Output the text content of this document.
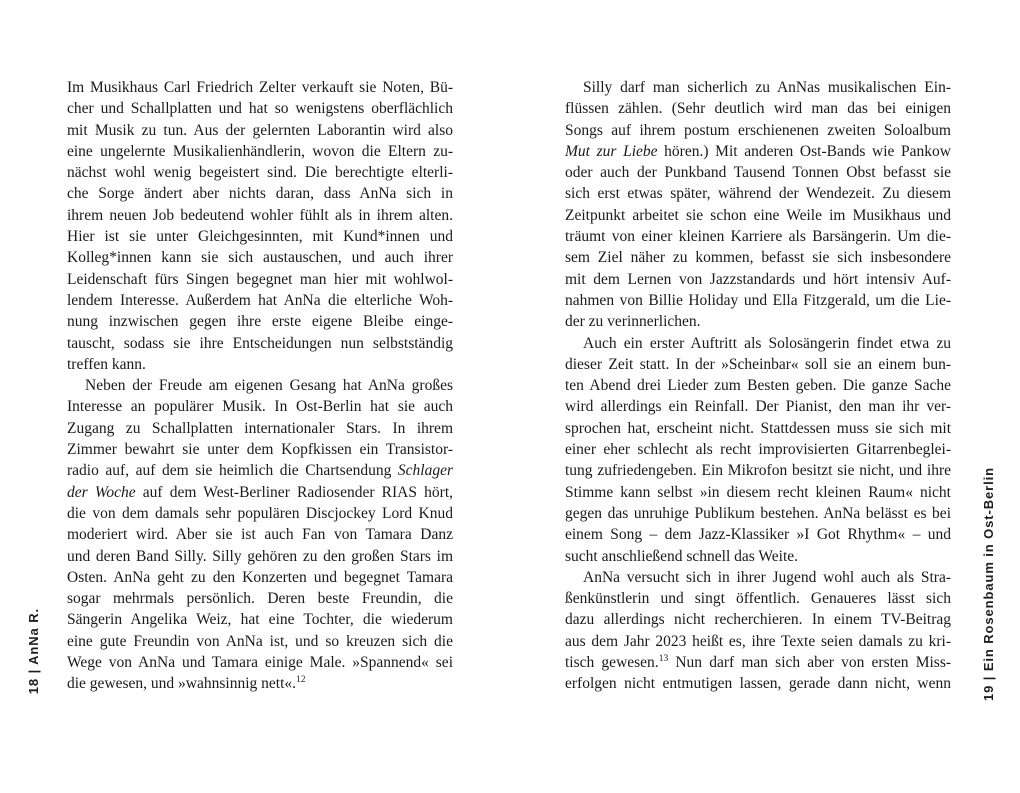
Im Musikhaus Carl Friedrich Zelter verkauft sie Noten, Bü-
cher und Schallplatten und hat so wenigstens oberflächlich
mit Musik zu tun. Aus der gelernten Laborantin wird also
eine ungelernte Musikalienhändlerin, wovon die Eltern zu-
nächst wohl wenig begeistert sind. Die berechtigte elterli-
che Sorge ändert aber nichts daran, dass AnNa sich in
ihrem neuen Job bedeutend wohler fühlt als in ihrem alten.
Hier ist sie unter Gleichgesinnten, mit Kund*innen und
Kolleg*innen kann sie sich austauschen, und auch ihrer
Leidenschaft fürs Singen begegnet man hier mit wohlwol-
lendem Interesse. Außerdem hat AnNa die elterliche Woh-
nung inzwischen gegen ihre erste eigene Bleibe einge-
tauscht, sodass sie ihre Entscheidungen nun selbstständig
treffen kann.
Neben der Freude am eigenen Gesang hat AnNa großes
Interesse an populärer Musik. In Ost-Berlin hat sie auch
Zugang zu Schallplatten internationaler Stars. In ihrem
Zimmer bewahrt sie unter dem Kopfkissen ein Transistor-
radio auf, auf dem sie heimlich die Chartsendung Schlager
der Woche auf dem West-Berliner Radiosender RIAS hört,
die von dem damals sehr populären Discjockey Lord Knud
moderiert wird. Aber sie ist auch Fan von Tamara Danz
und deren Band Silly. Silly gehören zu den großen Stars im
Osten. AnNa geht zu den Konzerten und begegnet Tamara
sogar mehrmals persönlich. Deren beste Freundin, die
Sängerin Angelika Weiz, hat eine Tochter, die wiederum
eine gute Freundin von AnNa ist, und so kreuzen sich die
Wege von AnNa und Tamara einige Male. »Spannend« sei
die gewesen, und »wahnsinnig nett«.$^{12}$
Silly darf man sicherlich zu AnNas musikalischen Ein-
flüssen zählen. (Sehr deutlich wird man das bei einigen
Songs auf ihrem postum erschienenen zweiten Soloalbum
Mut zur Liebe hören.) Mit anderen Ost-Bands wie Pankow
oder auch der Punkband Tausend Tonnen Obst befasst sie
sich erst etwas später, während der Wendezeit. Zu diesem
Zeitpunkt arbeitet sie schon eine Weile im Musikhaus und
träumt von einer kleinen Karriere als Barsängerin. Um die-
sem Ziel näher zu kommen, befasst sie sich insbesondere
mit dem Lernen von Jazzstandards und hört intensiv Auf-
nahmen von Billie Holiday und Ella Fitzgerald, um die Lie-
der zu verinnerlichen.
Auch ein erster Auftritt als Solosängerin findet etwa zu
dieser Zeit statt. In der »Scheinbar« soll sie an einem bun-
ten Abend drei Lieder zum Besten geben. Die ganze Sache
wird allerdings ein Reinfall. Der Pianist, den man ihr ver-
sprochen hat, erscheint nicht. Stattdessen muss sie sich mit
einer eher schlecht als recht improvisierten Gitarrenbeglei-
tung zufriedengeben. Ein Mikrofon besitzt sie nicht, und ihre
Stimme kann selbst »in diesem recht kleinen Raum« nicht
gegen das unruhige Publikum bestehen. AnNa belässt es bei
einem Song – dem Jazz-Klassiker »I Got Rhythm« – und
sucht anschließend schnell das Weite.
AnNa versucht sich in ihrer Jugend wohl auch als Stra-
ßenkünstlerin und singt öffentlich. Genaueres lässt sich
dazu allerdings nicht recherchieren. In einem TV-Beitrag
aus dem Jahr 2023 heißt es, ihre Texte seien damals zu kri-
tisch gewesen.$^{13}$ Nun darf man sich aber von ersten Miss-
erfolgen nicht entmutigen lassen, gerade dann nicht, wenn
18 | AnNa R.	19 | Ein Rosenbaum in Ost-Berlin
